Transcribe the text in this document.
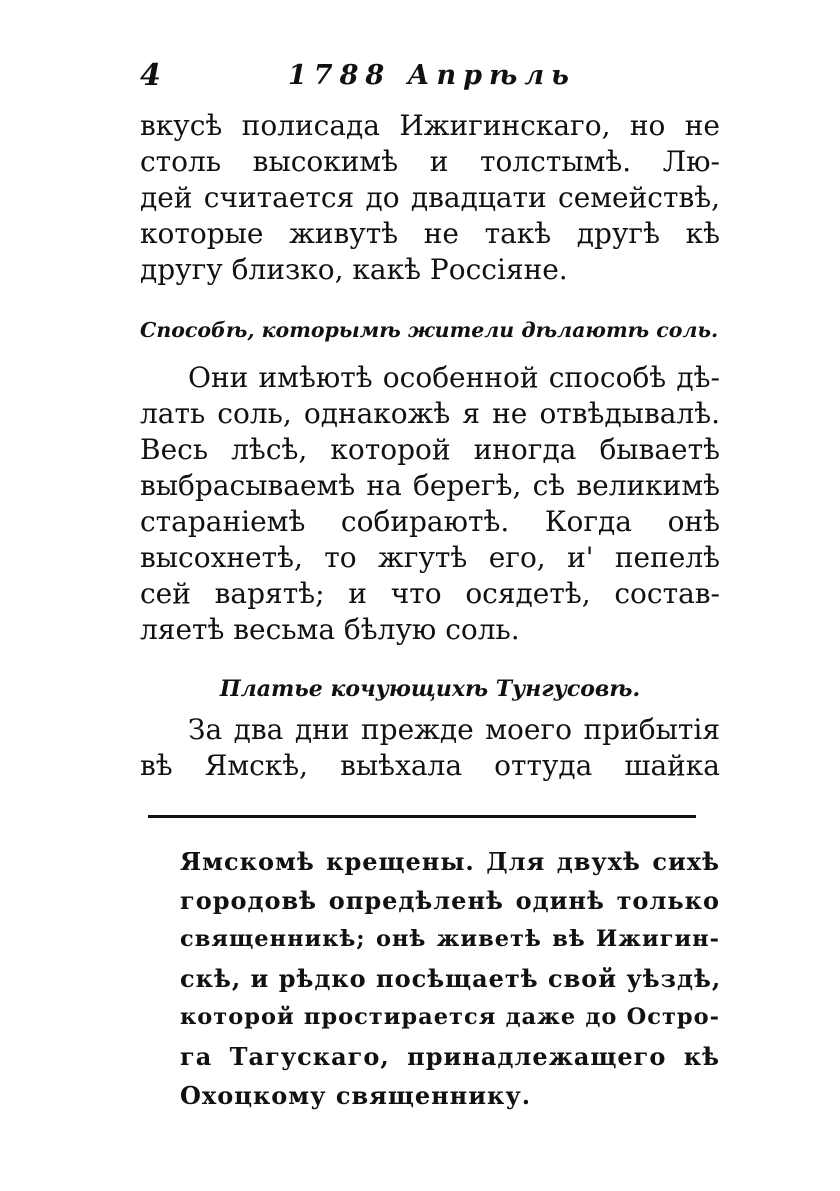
4	1788 Апрѣль
вкусѣ полисада Ижигинскаго, но не
столь высокимѣ и толстымѣ. Лю-
дей считается до двадцати семействѣ,
которые живутѣ не такѣ другѣ кѣ
другу близко, какѣ Россіяне.
Способѣ, которымѣ жители дѣлаютѣ соль.
Они имѣютѣ особенной способѣ дѣ-
лать соль, однакожѣ я не отвѣдывалѣ.
Весь лѣсѣ, которой иногда бываетѣ
выбрасываемѣ на берегѣ, сѣ великимѣ
стараніемѣ собираютѣ. Когда онѣ
высохнетѣ, то жгутѣ его, и' пепелѣ
сей варятѣ; и что осядетѣ, состав-
ляетѣ весьма бѣлую соль.
Платье кочующихѣ Тунгусовѣ.
За два дни прежде моего прибытія
вѣ Ямскѣ, выѣхала оттуда шайка
Ямскомѣ крещены. Для двухѣ сихѣ
городовѣ опредѣленѣ одинѣ только
священникѣ; онѣ живетѣ вѣ Ижигин-
скѣ, и рѣдко посѣщаетѣ свой уѣздѣ,
которой простирается даже до Остро-
га Тагускаго, принадлежащего кѣ
Охоцкому священнику.
